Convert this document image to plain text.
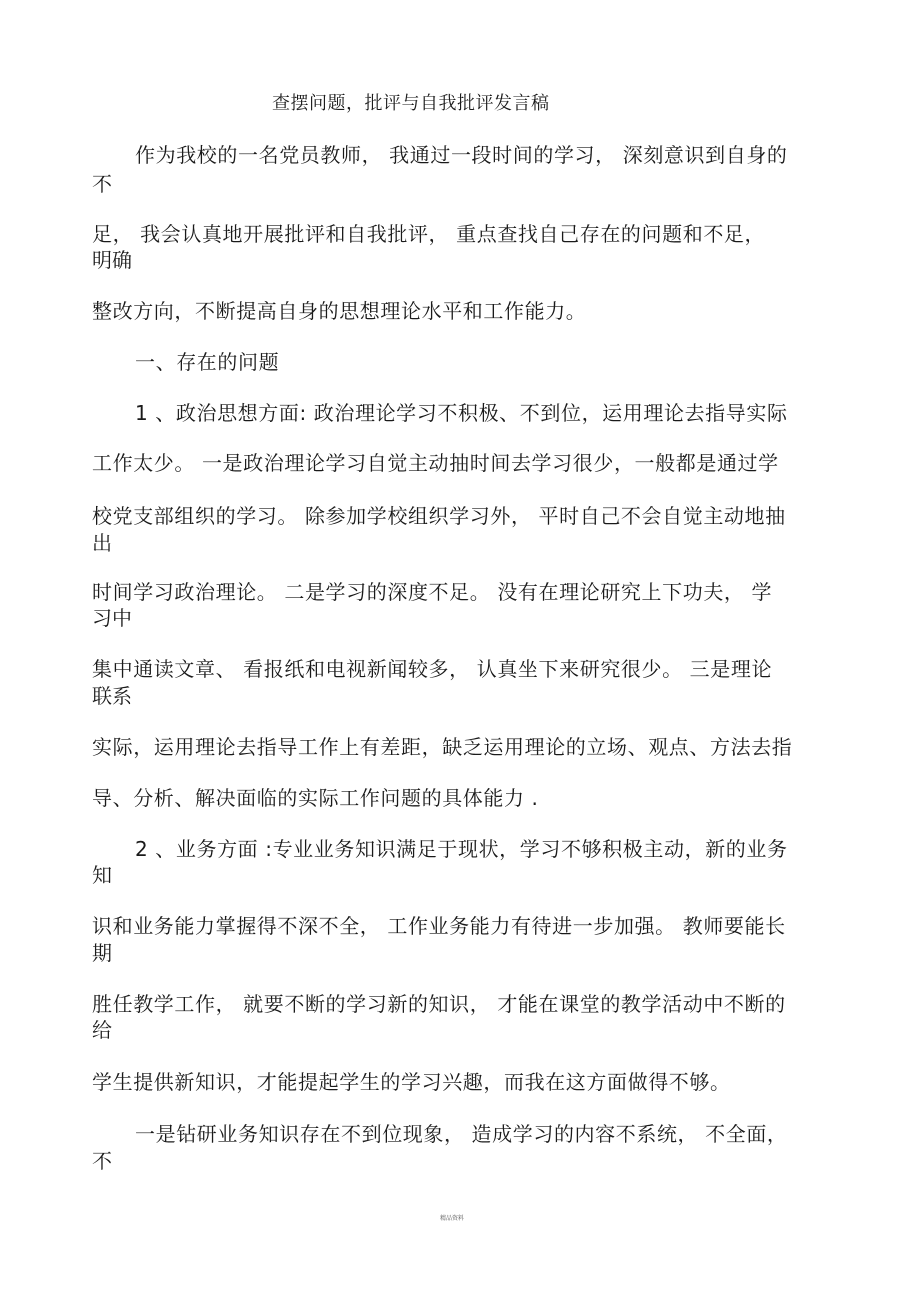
查摆问题，批评与自我批评发言稿
作为我校的一名党员教师， 我通过一段时间的学习， 深刻意识到自身的
不
足， 我会认真地开展批评和自我批评， 重点查找自己存在的问题和不足，
明确
整改方向，不断提高自身的思想理论水平和工作能力。
一、存在的问题
1 、政治思想方面: 政治理论学习不积极、不到位，运用理论去指导实际
工作太少。 一是政治理论学习自觉主动抽时间去学习很少，一般都是通过学
校党支部组织的学习。 除参加学校组织学习外， 平时自己不会自觉主动地抽
出
时间学习政治理论。 二是学习的深度不足。 没有在理论研究上下功夫， 学
习中
集中通读文章、 看报纸和电视新闻较多， 认真坐下来研究很少。 三是理论
联系
实际，运用理论去指导工作上有差距，缺乏运用理论的立场、观点、方法去指
导、分析、解决面临的实际工作问题的具体能力 .
2 、业务方面 :专业业务知识满足于现状，学习不够积极主动，新的业务
知
识和业务能力掌握得不深不全， 工作业务能力有待进一步加强。 教师要能长
期
胜任教学工作， 就要不断的学习新的知识， 才能在课堂的教学活动中不断的
给
学生提供新知识，才能提起学生的学习兴趣，而我在这方面做得不够。
一是钻研业务知识存在不到位现象， 造成学习的内容不系统， 不全面，
不
精品资料
